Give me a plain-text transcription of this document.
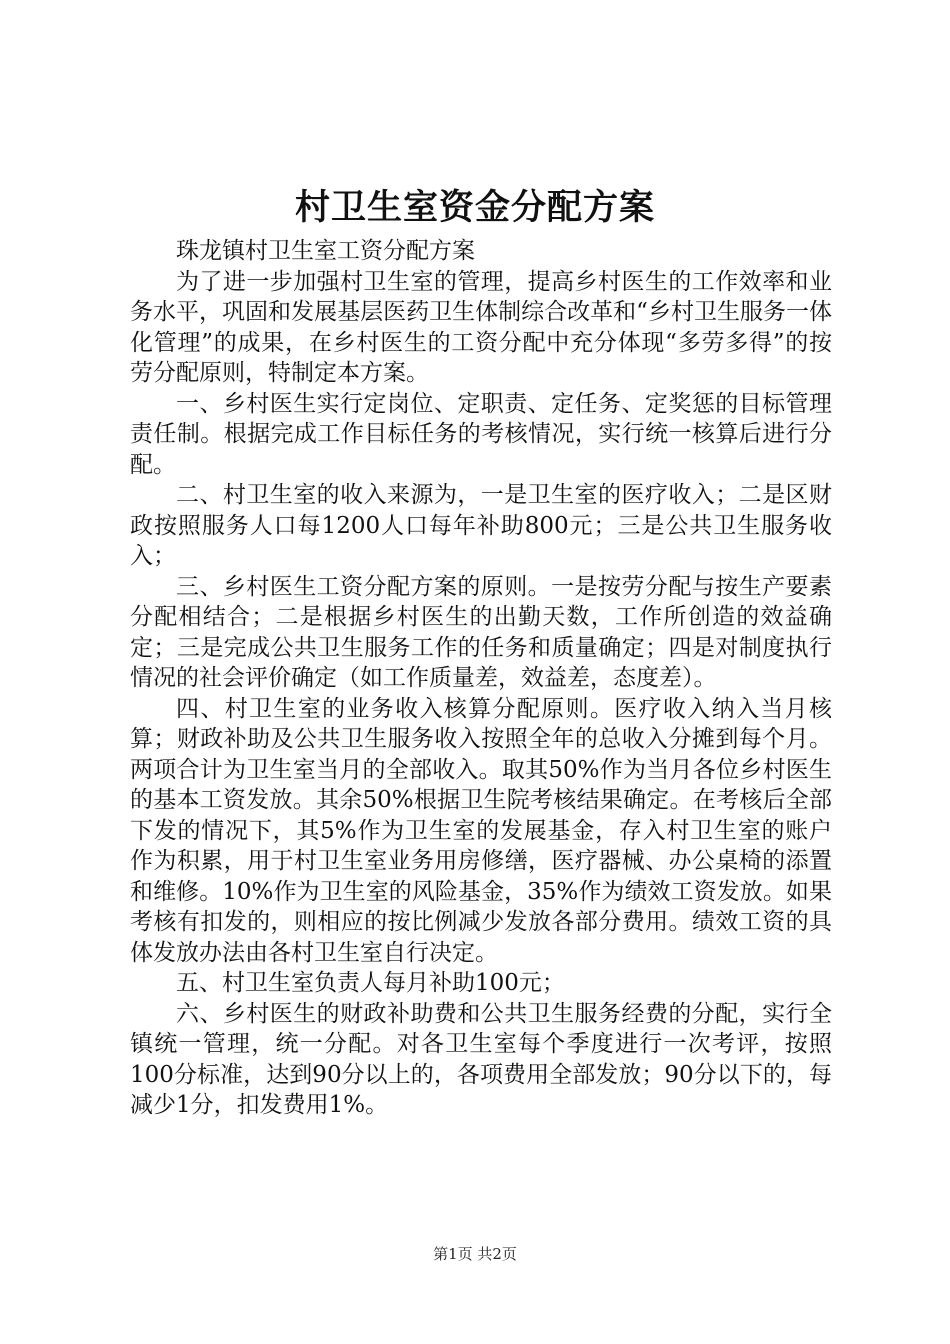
村卫生室资金分配方案

珠龙镇村卫生室工资分配方案

为了进一步加强村卫生室的管理，提高乡村医生的工作效率和业务水平，巩固和发展基层医药卫生体制综合改革和“乡村卫生服务一体化管理”的成果，在乡村医生的工资分配中充分体现“多劳多得”的按劳分配原则，特制定本方案。

一、乡村医生实行定岗位、定职责、定任务、定奖惩的目标管理责任制。根据完成工作目标任务的考核情况，实行统一核算后进行分配。

二、村卫生室的收入来源为，一是卫生室的医疗收入；二是区财政按照服务人口每1200人口每年补助800元；三是公共卫生服务收入；

三、乡村医生工资分配方案的原则。一是按劳分配与按生产要素分配相结合；二是根据乡村医生的出勤天数，工作所创造的效益确定；三是完成公共卫生服务工作的任务和质量确定；四是对制度执行情况的社会评价确定（如工作质量差，效益差，态度差）。

四、村卫生室的业务收入核算分配原则。医疗收入纳入当月核算；财政补助及公共卫生服务收入按照全年的总收入分摊到每个月。两项合计为卫生室当月的全部收入。取其50%作为当月各位乡村医生的基本工资发放。其余50%根据卫生院考核结果确定。在考核后全部下发的情况下，其5%作为卫生室的发展基金，存入村卫生室的账户作为积累，用于村卫生室业务用房修缮，医疗器械、办公桌椅的添置和维修。10%作为卫生室的风险基金，35%作为绩效工资发放。如果考核有扣发的，则相应的按比例减少发放各部分费用。绩效工资的具体发放办法由各村卫生室自行决定。

五、村卫生室负责人每月补助100元；

六、乡村医生的财政补助费和公共卫生服务经费的分配，实行全镇统一管理，统一分配。对各卫生室每个季度进行一次考评，按照100分标准，达到90分以上的，各项费用全部发放；90分以下的，每减少1分，扣发费用1%。

第1页 共2页
